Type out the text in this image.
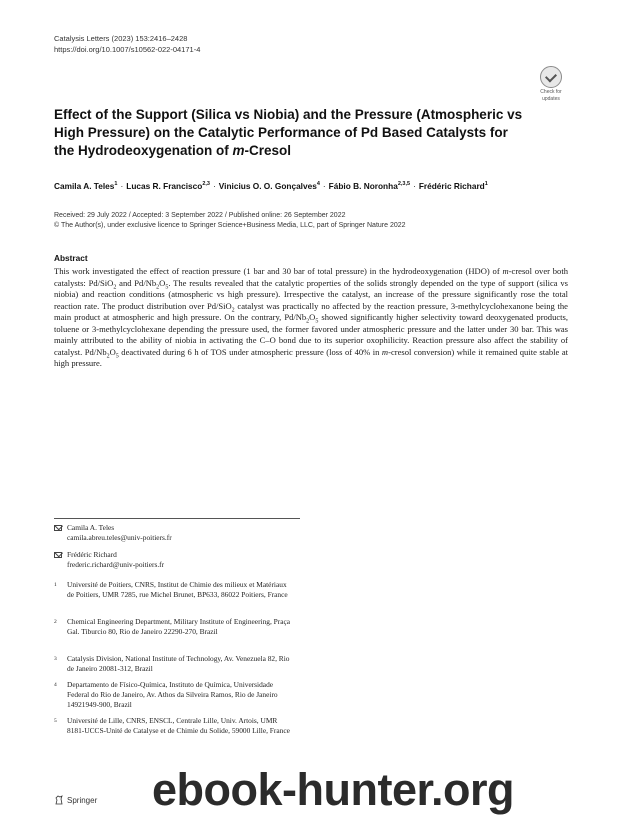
Catalysis Letters (2023) 153:2416–2428
https://doi.org/10.1007/s10562-022-04171-4
Check for
updates
Effect of the Support (Silica vs Niobia) and the Pressure (Atmospheric vs High Pressure) on the Catalytic Performance of Pd Based Catalysts for the Hydrodeoxygenation of m-Cresol
Camila A. Teles$^1$ · Lucas R. Francisco$^{2,3}$ · Vinicius O. O. Gonçalves$^4$ · Fábio B. Noronha$^{2,3,5}$ · Frédéric Richard$^1$
Received: 29 July 2022 / Accepted: 3 September 2022 / Published online: 26 September 2022
© The Author(s), under exclusive licence to Springer Science+Business Media, LLC, part of Springer Nature 2022
Abstract
This work investigated the effect of reaction pressure (1 bar and 30 bar of total pressure) in the hydrodeoxygenation (HDO) of m-cresol over both catalysts: Pd/SiO$_2$ and $Pd/Nb_2O_5$. The results revealed that the catalytic properties of the solids strongly depended on the type of support (silica vs niobia) and reaction conditions (atmospheric vs high pressure). Irrespective the catalyst, an increase of the pressure significantly rose the total reaction rate. The product distribution over Pd/SiO$_2$ catalyst was practically no affected by the reaction pressure, 3-methylcyclohexanone being the main product at atmospheric and high pressure. On the contrary, $Pd/Nb_2O_5$ showed significantly higher selectivity toward deoxygenated products, toluene or 3-methylcyclohexane depending the pressure used, the former favored under atmospheric pressure and the latter under 30 bar. This was mainly attributed to the ability of niobia in activating the C–O bond due to its superior oxophilicity. Reaction pressure also affect the stability of catalyst. $Pd/Nb_2O_5$ deactivated during 6 h of TOS under atmospheric pressure (loss of 40% in m-cresol conversion) while it remained quite stable at high pressure.
Camila A. Teles
camila.abreu.teles@univ-poitiers.fr
Frédéric Richard
frederic.richard@univ-poitiers.fr
1 Université de Poitiers, CNRS, Institut de Chimie des milieux et Matériaux de Poitiers, UMR 7285, rue Michel Brunet, BP633, 86022 Poitiers, France
2 Chemical Engineering Department, Military Institute of Engineering, Praça Gal. Tiburcio 80, Rio de Janeiro 22290-270, Brazil
3 Catalysis Division, National Institute of Technology, Av. Venezuela 82, Rio de Janeiro 20081-312, Brazil
4 Departamento de Físico-Química, Instituto de Química, Universidade Federal do Rio de Janeiro, Av. Athos da Silveira Ramos, Rio de Janeiro 14921949-900, Brazil
5 Université de Lille, CNRS, ENSCL, Centrale Lille, Univ. Artois, UMR 8181-UCCS-Unité de Catalyse et de Chimie du Solide, 59000 Lille, France
Springer ebook-hunter.org
